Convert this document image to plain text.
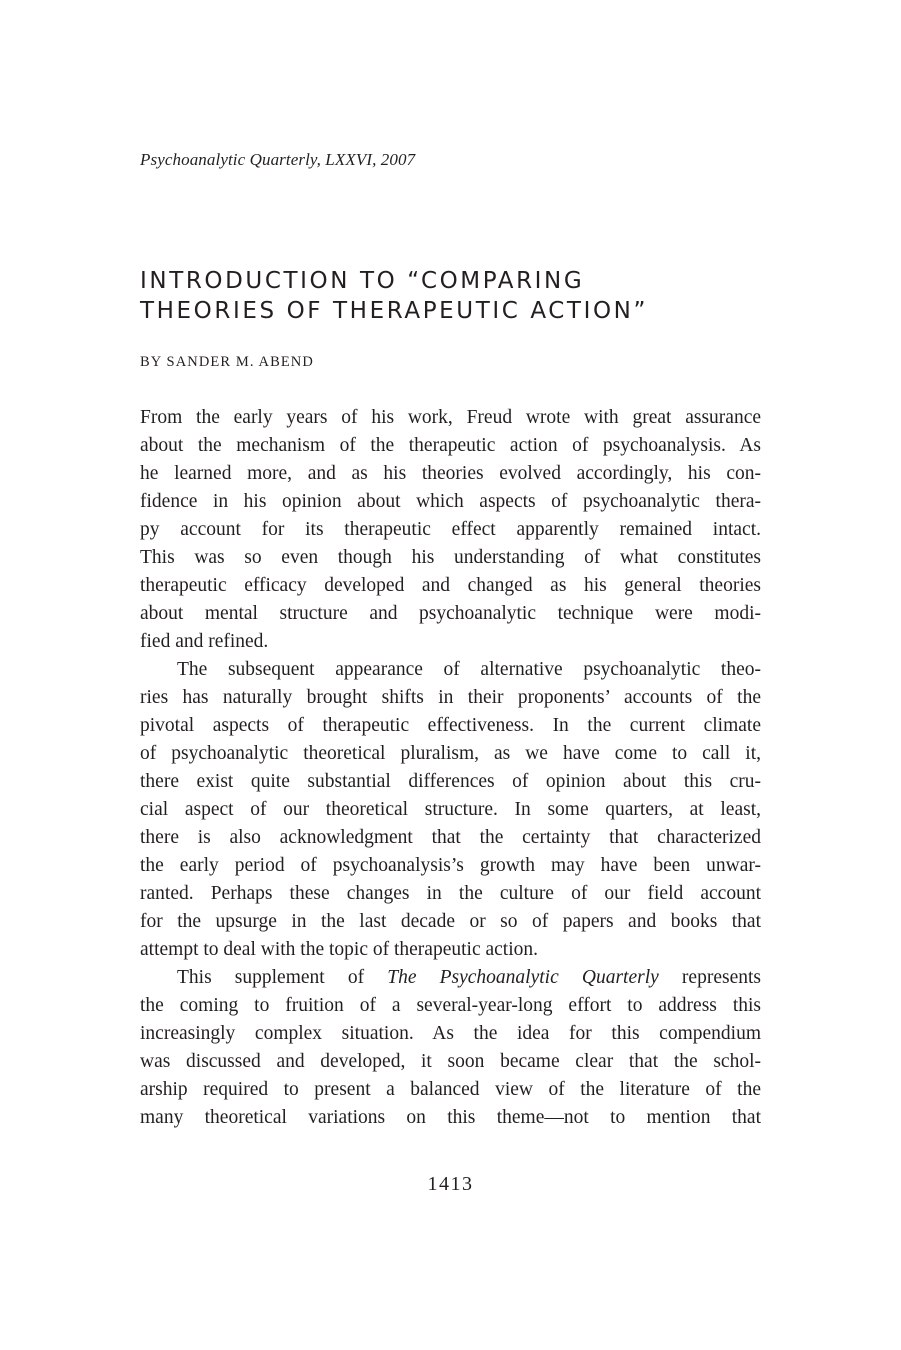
Psychoanalytic Quarterly, LXXVI, 2007
INTRODUCTION TO “COMPARING
THEORIES OF THERAPEUTIC ACTION”
BY SANDER M. ABEND
From the early years of his work, Freud wrote with great assurance
about the mechanism of the therapeutic action of psychoanalysis. As
he learned more, and as his theories evolved accordingly, his con-
fidence in his opinion about which aspects of psychoanalytic thera-
py account for its therapeutic effect apparently remained intact.
This was so even though his understanding of what constitutes
therapeutic efficacy developed and changed as his general theories
about mental structure and psychoanalytic technique were modi-
fied and refined.
The subsequent appearance of alternative psychoanalytic theo-
ries has naturally brought shifts in their proponents’ accounts of the
pivotal aspects of therapeutic effectiveness. In the current climate
of psychoanalytic theoretical pluralism, as we have come to call it,
there exist quite substantial differences of opinion about this cru-
cial aspect of our theoretical structure. In some quarters, at least,
there is also acknowledgment that the certainty that characterized
the early period of psychoanalysis’s growth may have been unwar-
ranted. Perhaps these changes in the culture of our field account
for the upsurge in the last decade or so of papers and books that
attempt to deal with the topic of therapeutic action.
This supplement of The Psychoanalytic Quarterly represents
the coming to fruition of a several-year-long effort to address this
increasingly complex situation. As the idea for this compendium
was discussed and developed, it soon became clear that the schol-
arship required to present a balanced view of the literature of the
many theoretical variations on this theme—not to mention that
1413
